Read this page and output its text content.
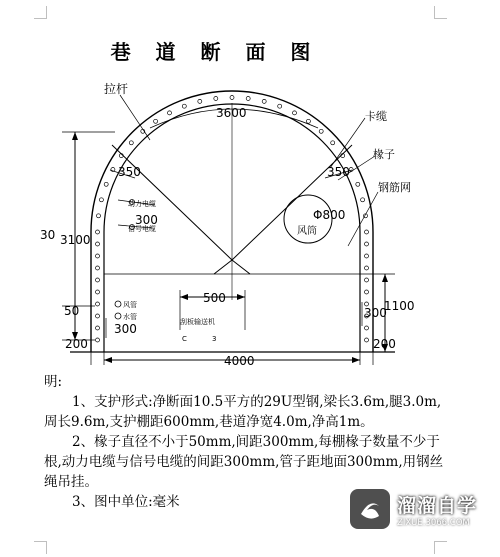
巷 道 断 面 图
拉杆
卡缆
椽子
钢筋网
3600
350	350
300	Φ800
风筒
3100
30
500
1100
50
300
300
200	200
4000
动力电缆
信号电缆
风管
水管
刮板输送机
C	3

明:

1、支护形式:净断面10.5平方的29U型钢,梁长3.6m,腿3.0m,周长9.6m,支护棚距600mm,巷道净宽4.0m,净高1m。

2、椽子直径不小于50mm,间距300mm,每棚椽子数量不少于根,动力电缆与信号电缆的间距300mm,管子距地面300mm,用钢丝绳吊挂。

3、图中单位:毫米	溜溜自学
ZIXUE.3066.COM
